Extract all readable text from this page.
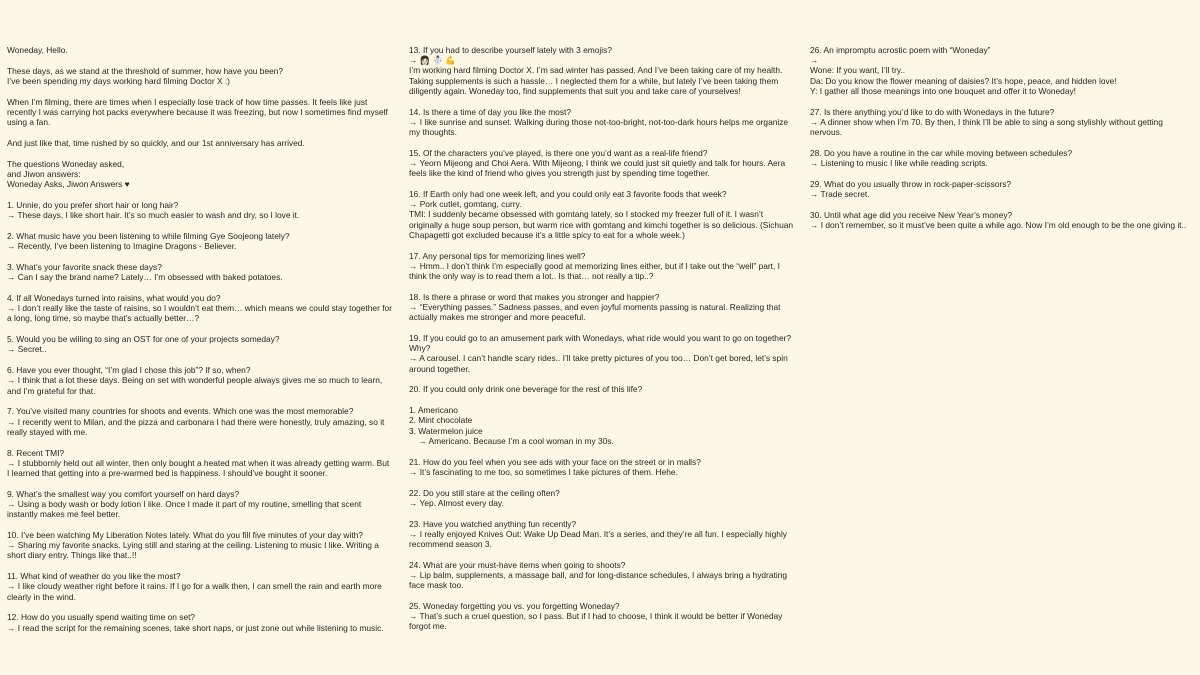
Woneday, Hello.
These days, as we stand at the threshold of summer, how have you been?
I’ve been spending my days working hard filming Doctor X :)
When I’m filming, there are times when I especially lose track of how time passes. It feels like just recently I was carrying hot packs everywhere because it was freezing, but now I sometimes find myself using a fan.
And just like that, time rushed by so quickly, and our 1st anniversary has arrived.
The questions Woneday asked,
and Jiwon answers:
Woneday Asks, Jiwon Answers ♥
1. Unnie, do you prefer short hair or long hair?
→ These days, I like short hair. It’s so much easier to wash and dry, so I love it.
2. What music have you been listening to while filming Gye Soojeong lately?
→ Recently, I’ve been listening to Imagine Dragons - Believer.
3. What’s your favorite snack these days?
→ Can I say the brand name? Lately… I’m obsessed with baked potatoes.
4. If all Wonedays turned into raisins, what would you do?
→ I don’t really like the taste of raisins, so I wouldn’t eat them… which means we could stay together for a long, long time, so maybe that’s actually better…?
5. Would you be willing to sing an OST for one of your projects someday?
→ Secret..
6. Have you ever thought, “I’m glad I chose this job”? If so, when?
→ I think that a lot these days. Being on set with wonderful people always gives me so much to learn, and I’m grateful for that.
7. You’ve visited many countries for shoots and events. Which one was the most memorable?
→ I recently went to Milan, and the pizza and carbonara I had there were honestly, truly amazing, so it really stayed with me.
8. Recent TMI?
→ I stubbornly held out all winter, then only bought a heated mat when it was already getting warm. But I learned that getting into a pre-warmed bed is happiness. I should’ve bought it sooner.
9. What’s the smallest way you comfort yourself on hard days?
→ Using a body wash or body lotion I like. Once I made it part of my routine, smelling that scent instantly makes me feel better.
10. I’ve been watching My Liberation Notes lately. What do you fill five minutes of your day with?
→ Sharing my favorite snacks. Lying still and staring at the ceiling. Listening to music I like. Writing a short diary entry. Things like that..!!
11. What kind of weather do you like the most?
→ I like cloudy weather right before it rains. If I go for a walk then, I can smell the rain and earth more clearly in the wind.
12. How do you usually spend waiting time on set?
→ I read the script for the remaining scenes, take short naps, or just zone out while listening to music.
13. If you had to describe yourself lately with 3 emojis?
→ 👩🏻 ☃️ 💪
I’m working hard filming Doctor X. I’m sad winter has passed. And I’ve been taking care of my health. Taking supplements is such a hassle… I neglected them for a while, but lately I’ve been taking them diligently again. Woneday too, find supplements that suit you and take care of yourselves!
14. Is there a time of day you like the most?
→ I like sunrise and sunset. Walking during those not-too-bright, not-too-dark hours helps me organize my thoughts.
15. Of the characters you’ve played, is there one you’d want as a real-life friend?
→ Yeorn Mijeong and Choi Aera. With Mijeong, I think we could just sit quietly and talk for hours. Aera feels like the kind of friend who gives you strength just by spending time together.
16. If Earth only had one week left, and you could only eat 3 favorite foods that week?
→ Pork cutlet, gomtang, curry.
TMI: I suddenly became obsessed with gomtang lately, so I stocked my freezer full of it. I wasn’t originally a huge soup person, but warm rice with gomtang and kimchi together is so delicious. (Sichuan Chapagetti got excluded because it’s a little spicy to eat for a whole week.)
17. Any personal tips for memorizing lines well?
→ Hmm.. I don’t think I’m especially good at memorizing lines either, but if I take out the “well” part, I think the only way is to read them a lot.. Is that… not really a tip..?
18. Is there a phrase or word that makes you stronger and happier?
→ “Everything passes.” Sadness passes, and even joyful moments passing is natural. Realizing that actually makes me stronger and more peaceful.
19. If you could go to an amusement park with Wonedays, what ride would you want to go on together? Why?
→ A carousel. I can’t handle scary rides.. I’ll take pretty pictures of you too… Don’t get bored, let’s spin around together.
20. If you could only drink one beverage for the rest of this life?
1. Americano
2. Mint chocolate
3. Watermelon juice
→ Americano. Because I’m a cool woman in my 30s.
21. How do you feel when you see ads with your face on the street or in malls?
→ It’s fascinating to me too, so sometimes I take pictures of them. Hehe.
22. Do you still stare at the ceiling often?
→ Yep. Almost every day.
23. Have you watched anything fun recently?
→ I really enjoyed Knives Out: Wake Up Dead Man. It’s a series, and they’re all fun. I especially highly recommend season 3.
24. What are your must-have items when going to shoots?
→ Lip balm, supplements, a massage ball, and for long-distance schedules, I always bring a hydrating face mask too.
25. Woneday forgetting you vs. you forgetting Woneday?
→ That’s such a cruel question, so I pass. But if I had to choose, I think it would be better if Woneday forgot me.
26. An impromptu acrostic poem with “Woneday”
→
Wone: If you want, I’ll try..
Da: Do you know the flower meaning of daisies? It’s hope, peace, and hidden love!
Y: I gather all those meanings into one bouquet and offer it to Woneday!
27. Is there anything you’d like to do with Wonedays in the future?
→ A dinner show when I’m 70. By then, I think I’ll be able to sing a song stylishly without getting nervous.
28. Do you have a routine in the car while moving between schedules?
→ Listening to music I like while reading scripts.
29. What do you usually throw in rock-paper-scissors?
→ Trade secret.
30. Until what age did you receive New Year’s money?
→ I don’t remember, so it must’ve been quite a while ago. Now I’m old enough to be the one giving it..
